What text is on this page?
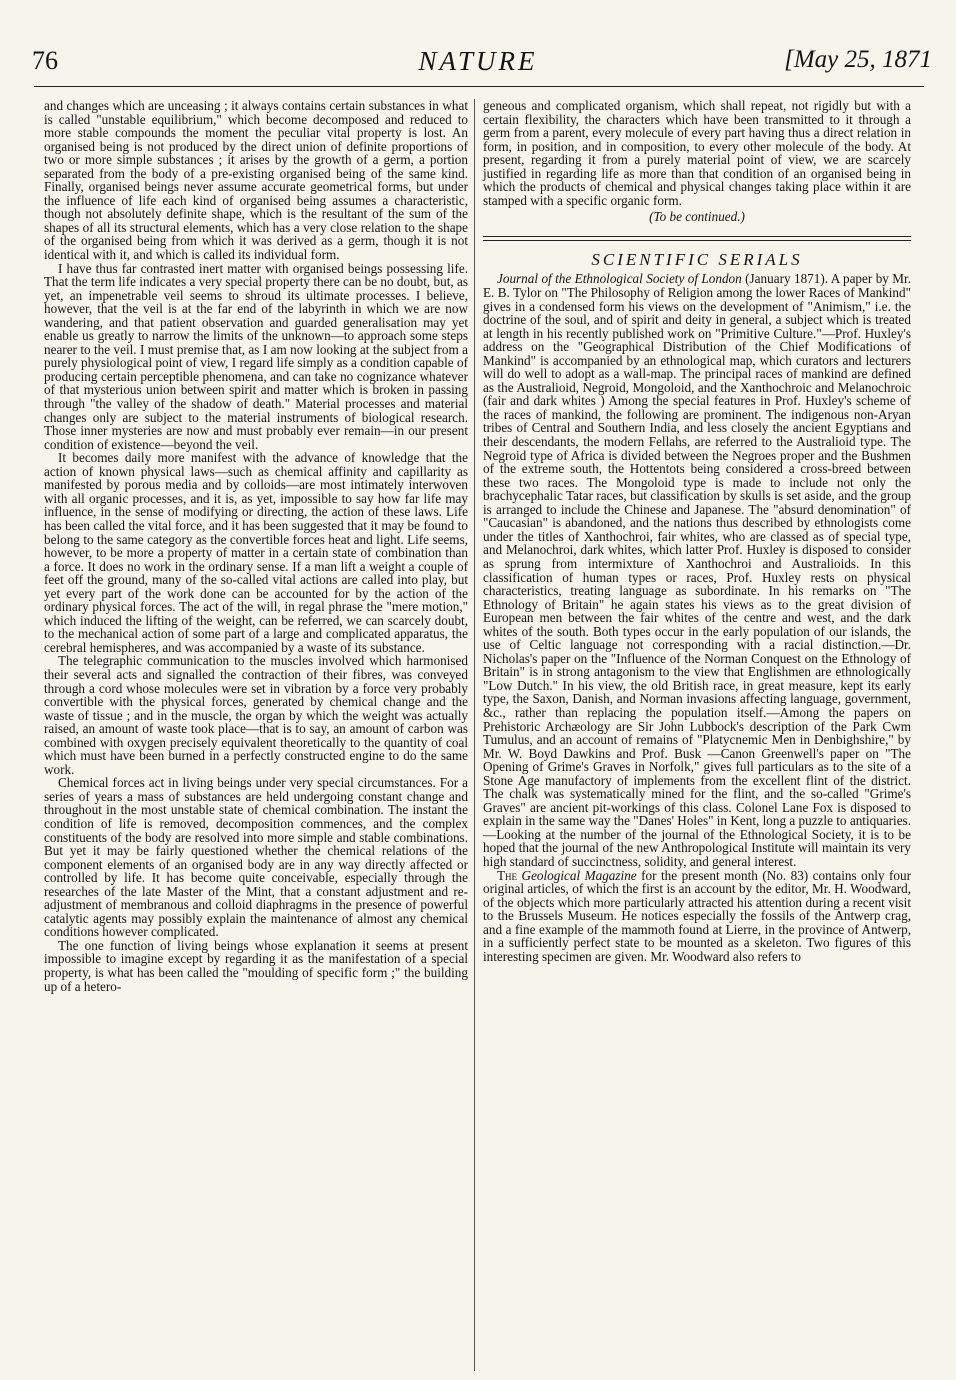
76	NATURE	[May 25, 1871

and changes which are unceasing ; it always contains certain substances in what is called "unstable equilibrium," which become decomposed and reduced to more stable compounds the moment the peculiar vital property is lost. An organised being is not produced by the direct union of definite proportions of two or more simple substances ; it arises by the growth of a germ, a portion separated from the body of a pre-existing organised being of the same kind. Finally, organised beings never assume accurate geometrical forms, but under the influence of life each kind of organised being assumes a characteristic, though not absolutely definite shape, which is the resultant of the sum of the shapes of all its structural elements, which has a very close relation to the shape of the organised being from which it was derived as a germ, though it is not identical with it, and which is called its individual form.

I have thus far contrasted inert matter with organised beings possessing life. That the term life indicates a very special property there can be no doubt, but, as yet, an impenetrable veil seems to shroud its ultimate processes. I believe, however, that the veil is at the far end of the labyrinth in which we are now wandering, and that patient observation and guarded generalisation may yet enable us greatly to narrow the limits of the unknown—to approach some steps nearer to the veil. I must premise that, as I am now looking at the subject from a purely physiological point of view, I regard life simply as a condition capable of producing certain perceptible phenomena, and can take no cognizance whatever of that mysterious union between spirit and matter which is broken in passing through "the valley of the shadow of death." Material processes and material changes only are subject to the material instruments of biological research. Those inner mysteries are now and must probably ever remain—in our present condition of existence—beyond the veil.

It becomes daily more manifest with the advance of knowledge that the action of known physical laws—such as chemical affinity and capillarity as manifested by porous media and by colloids—are most intimately interwoven with all organic processes, and it is, as yet, impossible to say how far life may influence, in the sense of modifying or directing, the action of these laws. Life has been called the vital force, and it has been suggested that it may be found to belong to the same category as the convertible forces heat and light. Life seems, however, to be more a property of matter in a certain state of combination than a force. It does no work in the ordinary sense. If a man lift a weight a couple of feet off the ground, many of the so-called vital actions are called into play, but yet every part of the work done can be accounted for by the action of the ordinary physical forces. The act of the will, in regal phrase the "mere motion," which induced the lifting of the weight, can be referred, we can scarcely doubt, to the mechanical action of some part of a large and complicated apparatus, the cerebral hemispheres, and was accompanied by a waste of its substance.

The telegraphic communication to the muscles involved which harmonised their several acts and signalled the contraction of their fibres, was conveyed through a cord whose molecules were set in vibration by a force very probably convertible with the physical forces, generated by chemical change and the waste of tissue ; and in the muscle, the organ by which the weight was actually raised, an amount of waste took place—that is to say, an amount of carbon was combined with oxygen precisely equivalent theoretically to the quantity of coal which must have been burned in a perfectly constructed engine to do the same work.

Chemical forces act in living beings under very special circumstances. For a series of years a mass of substances are held undergoing constant change and throughout in the most unstable state of chemical combination. The instant the condition of life is removed, decomposition commences, and the complex constituents of the body are resolved into more simple and stable combinations. But yet it may be fairly questioned whether the chemical relations of the component elements of an organised body are in any way directly affected or controlled by life. It has become quite conceivable, especially through the researches of the late Master of the Mint, that a constant adjustment and re-adjustment of membranous and colloid diaphragms in the presence of powerful catalytic agents may possibly explain the maintenance of almost any chemical conditions however complicated.

The one function of living beings whose explanation it seems at present impossible to imagine except by regarding it as the manifestation of a special property, is what has been called the "moulding of specific form ;" the building up of a hetero-

geneous and complicated organism, which shall repeat, not rigidly but with a certain flexibility, the characters which have been transmitted to it through a germ from a parent, every molecule of every part having thus a direct relation in form, in position, and in composition, to every other molecule of the body. At present, regarding it from a purely material point of view, we are scarcely justified in regarding life as more than that condition of an organised being in which the products of chemical and physical changes taking place within it are stamped with a specific organic form.

(To be continued.)

SCIENTIFIC SERIALS

Journal of the Ethnological Society of London (January 1871). A paper by Mr. E. B. Tylor on "The Philosophy of Religion among the lower Races of Mankind" gives in a condensed form his views on the development of "Animism," i.e. the doctrine of the soul, and of spirit and deity in general, a subject which is treated at length in his recently published work on "Primitive Culture."—Prof. Huxley's address on the "Geographical Distribution of the Chief Modifications of Mankind" is accompanied by an ethnological map, which curators and lecturers will do well to adopt as a wall-map. The principal races of mankind are defined as the Australioid, Negroid, Mongoloid, and the Xanthochroic and Melanochroic (fair and dark whites ) Among the special features in Prof. Huxley's scheme of the races of mankind, the following are prominent. The indigenous non-Aryan tribes of Central and Southern India, and less closely the ancient Egyptians and their descendants, the modern Fellahs, are referred to the Australioid type. The Negroid type of Africa is divided between the Negroes proper and the Bushmen of the extreme south, the Hottentots being considered a cross-breed between these two races. The Mongoloid type is made to include not only the brachycephalic Tatar races, but classification by skulls is set aside, and the group is arranged to include the Chinese and Japanese. The "absurd denomination" of "Caucasian" is abandoned, and the nations thus described by ethnologists come under the titles of Xanthochroi, fair whites, who are classed as of special type, and Melanochroi, dark whites, which latter Prof. Huxley is disposed to consider as sprung from intermixture of Xanthochroi and Australioids. In this classification of human types or races, Prof. Huxley rests on physical characteristics, treating language as subordinate. In his remarks on "The Ethnology of Britain" he again states his views as to the great division of European men between the fair whites of the centre and west, and the dark whites of the south. Both types occur in the early population of our islands, the use of Celtic language not corresponding with a racial distinction.—Dr. Nicholas's paper on the "Influence of the Norman Conquest on the Ethnology of Britain" is in strong antagonism to the view that Englishmen are ethnologically "Low Dutch." In his view, the old British race, in great measure, kept its early type, the Saxon, Danish, and Norman invasions affecting language, government, &c., rather than replacing the population itself.—Among the papers on Prehistoric Archæology are Sir John Lubbock's description of the Park Cwm Tumulus, and an account of remains of "Platycnemic Men in Denbighshire," by Mr. W. Boyd Dawkins and Prof. Busk —Canon Greenwell's paper on "The Opening of Grime's Graves in Norfolk," gives full particulars as to the site of a Stone Age manufactory of implements from the excellent flint of the district. The chalk was systematically mined for the flint, and the so-called "Grime's Graves" are ancient pit-workings of this class. Colonel Lane Fox is disposed to explain in the same way the "Danes' Holes" in Kent, long a puzzle to antiquaries.—Looking at the number of the journal of the Ethnological Society, it is to be hoped that the journal of the new Anthropological Institute will maintain its very high standard of succinctness, solidity, and general interest.

The Geological Magazine for the present month (No. 83) contains only four original articles, of which the first is an account by the editor, Mr. H. Woodward, of the objects which more particularly attracted his attention during a recent visit to the Brussels Museum. He notices especially the fossils of the Antwerp crag, and a fine example of the mammoth found at Lierre, in the province of Antwerp, in a sufficiently perfect state to be mounted as a skeleton. Two figures of this interesting specimen are given. Mr. Woodward also refers to
